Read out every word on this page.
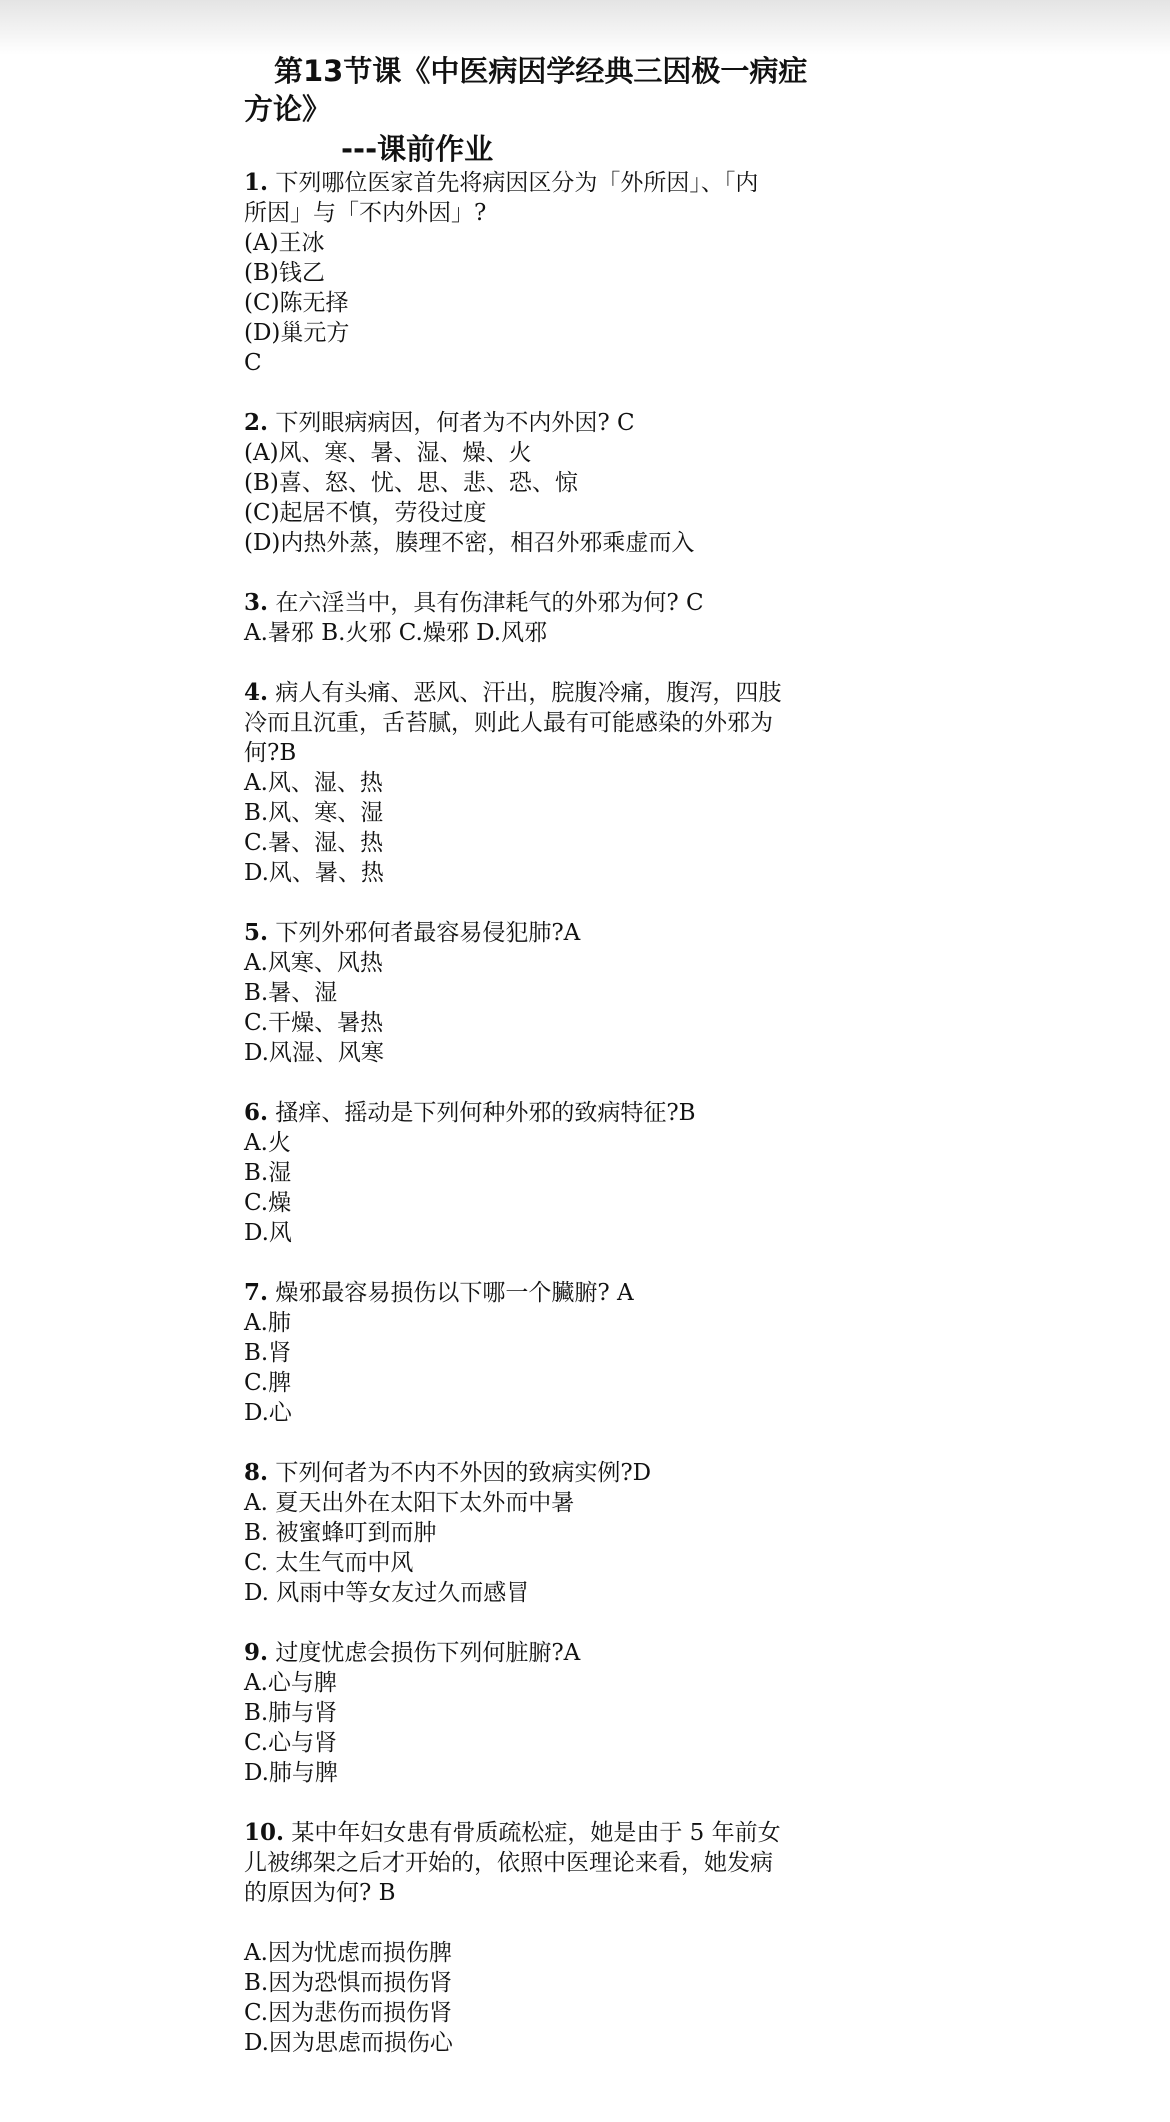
第13节课《中医病因学经典三因极一病症
方论》
---课前作业
1. 下列哪位医家首先将病因区分为「外所因」、「内
所因」与「不内外因」?
(A)王冰
(B)钱乙
(C)陈无择
(D)巢元方
C
2. 下列眼病病因，何者为不内外因? C
(A)风、寒、暑、湿、燥、火
(B)喜、怒、忧、思、悲、恐、惊
(C)起居不慎，劳役过度
(D)内热外蒸，腠理不密，相召外邪乘虚而入
3. 在六淫当中，具有伤津耗气的外邪为何? C
A.暑邪 B.火邪 C.燥邪 D.风邪
4. 病人有头痛、恶风、汗出，脘腹冷痛，腹泻，四肢
冷而且沉重，舌苔腻，则此人最有可能感染的外邪为
何?B
A.风、湿、热
B.风、寒、湿
C.暑、湿、热
D.风、暑、热
5. 下列外邪何者最容易侵犯肺?A
A.风寒、风热
B.暑、湿
C.干燥、暑热
D.风湿、风寒
6. 搔痒、摇动是下列何种外邪的致病特征?B
A.火
B.湿
C.燥
D.风
7. 燥邪最容易损伤以下哪一个臟腑? A
A.肺
B.肾
C.脾
D.心
8. 下列何者为不内不外因的致病实例?D
A. 夏天出外在太阳下太外而中暑
B. 被蜜蜂叮到而肿
C. 太生气而中风
D. 风雨中等女友过久而感冒
9. 过度忧虑会损伤下列何脏腑?A
A.心与脾
B.肺与肾
C.心与肾
D.肺与脾
10. 某中年妇女患有骨质疏松症，她是由于 5 年前女
儿被绑架之后才开始的，依照中医理论来看，她发病
的原因为何? B
A.因为忧虑而损伤脾
B.因为恐惧而损伤肾
C.因为悲伤而损伤肾
D.因为思虑而损伤心
